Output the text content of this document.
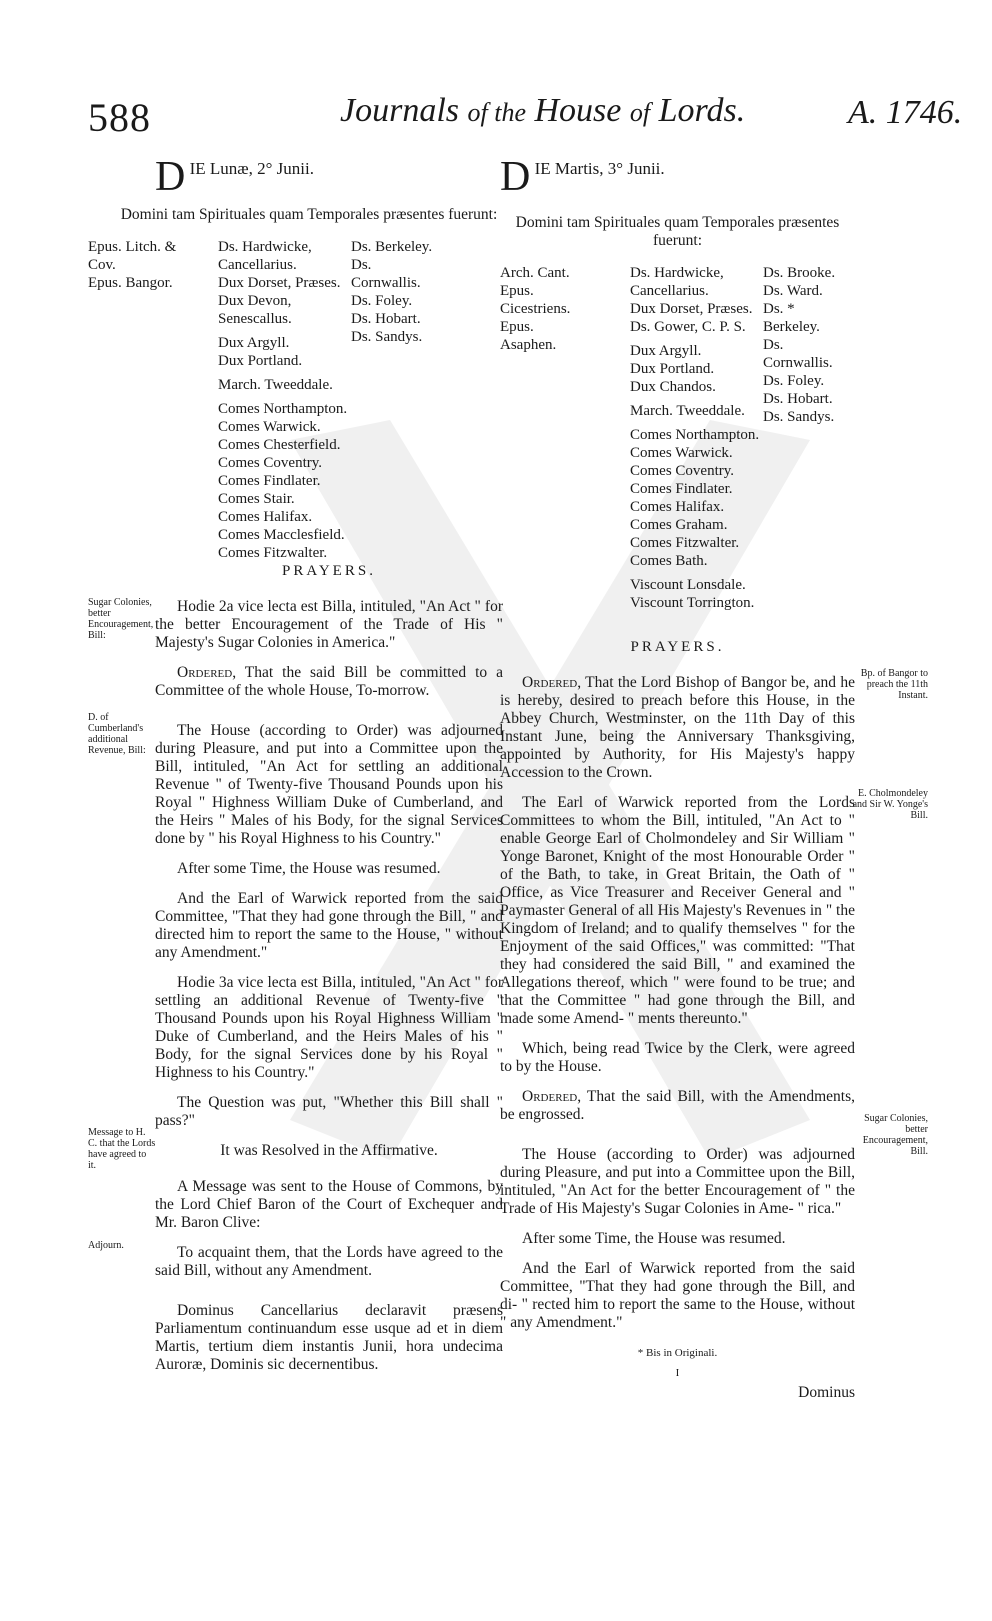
588	Journals of the House of Lords.	A. 1746.
Sugar Colonies, better Encouragement, Bill:
D. of Cumberland's additional Revenue, Bill:
Message to H. C. that the Lords have agreed to it.
Adjourn.
Bp. of Bangor to preach the 11th Instant.
E. Cholmondeley and Sir W. Yonge's Bill.
Sugar Colonies, better Encouragement, Bill.
D IE Lunæ, 2° Junii.
Domini tam Spirituales quam Temporales præsentes fuerunt:
Epus. Litch. & Cov.
Epus. Bangor.
Ds. Hardwicke, Cancellarius.
Dux Dorset, Præses.
Dux Devon, Senescallus.
Dux Argyll.
Dux Portland.
March. Tweeddale.
Comes Northampton.
Comes Warwick.
Comes Chesterfield.
Comes Coventry.
Comes Findlater.
Comes Stair.
Comes Halifax.
Comes Macclesfield.
Comes Fitzwalter.
Ds. Berkeley.
Ds. Cornwallis.
Ds. Foley.
Ds. Hobart.
Ds. Sandys.
PRAYERS.

Hodie 2a vice lecta est Billa, intituled, "An Act " for the better Encouragement of the Trade of His " Majesty's Sugar Colonies in America."

Ordered, That the said Bill be committed to a Committee of the whole House, To-morrow.

The House (according to Order) was adjourned during Pleasure, and put into a Committee upon the Bill, intituled, "An Act for settling an additional Revenue " of Twenty-five Thousand Pounds upon his Royal " Highness William Duke of Cumberland, and the Heirs " Males of his Body, for the signal Services done by " his Royal Highness to his Country."

After some Time, the House was resumed.

And the Earl of Warwick reported from the said Committee, "That they had gone through the Bill, " and directed him to report the same to the House, " without any Amendment."

Hodie 3a vice lecta est Billa, intituled, "An Act " for settling an additional Revenue of Twenty-five " Thousand Pounds upon his Royal Highness William " Duke of Cumberland, and the Heirs Males of his " Body, for the signal Services done by his Royal " Highness to his Country."

The Question was put, "Whether this Bill shall " pass?"

It was Resolved in the Affirmative.

A Message was sent to the House of Commons, by the Lord Chief Baron of the Court of Exchequer and Mr. Baron Clive:

To acquaint them, that the Lords have agreed to the said Bill, without any Amendment.

Dominus Cancellarius declaravit præsens Parliamentum continuandum esse usque ad et in diem Martis, tertium diem instantis Junii, hora undecima Auroræ, Dominis sic decernentibus.

D IE Martis, 3° Junii.
Domini tam Spirituales quam Temporales præsentes fuerunt:
Arch. Cant.
Epus. Cicestriens.
Epus. Asaphen.
Ds. Hardwicke, Cancellarius.
Dux Dorset, Præses.
Ds. Gower, C. P. S.
Dux Argyll.
Dux Portland.
Dux Chandos.
March. Tweeddale.
Comes Northampton.
Comes Warwick.
Comes Coventry.
Comes Findlater.
Comes Halifax.
Comes Graham.
Comes Fitzwalter.
Comes Bath.
Viscount Lonsdale.
Viscount Torrington.
Ds. Brooke.
Ds. Ward.
Ds. * Berkeley.
Ds. Cornwallis.
Ds. Foley.
Ds. Hobart.
Ds. Sandys.
PRAYERS.

Ordered, That the Lord Bishop of Bangor be, and he is hereby, desired to preach before this House, in the Abbey Church, Westminster, on the 11th Day of this Instant June, being the Anniversary Thanksgiving, appointed by Authority, for His Majesty's happy Accession to the Crown.

The Earl of Warwick reported from the Lords Committees to whom the Bill, intituled, "An Act to " enable George Earl of Cholmondeley and Sir William " Yonge Baronet, Knight of the most Honourable Order " of the Bath, to take, in Great Britain, the Oath of " Office, as Vice Treasurer and Receiver General and " Paymaster General of all His Majesty's Revenues in " the Kingdom of Ireland; and to qualify themselves " for the Enjoyment of the said Offices," was committed: "That they had considered the said Bill, " and examined the Allegations thereof, which " were found to be true; and that the Committee " had gone through the Bill, and made some Amend- " ments thereunto."

Which, being read Twice by the Clerk, were agreed to by the House.

Ordered, That the said Bill, with the Amendments, be engrossed.

The House (according to Order) was adjourned during Pleasure, and put into a Committee upon the Bill, intituled, "An Act for the better Encouragement of " the Trade of His Majesty's Sugar Colonies in Ame- " rica."

After some Time, the House was resumed.

And the Earl of Warwick reported from the said Committee, "That they had gone through the Bill, and di- " rected him to report the same to the House, without " any Amendment."

* Bis in Originali.
I
Dominus
